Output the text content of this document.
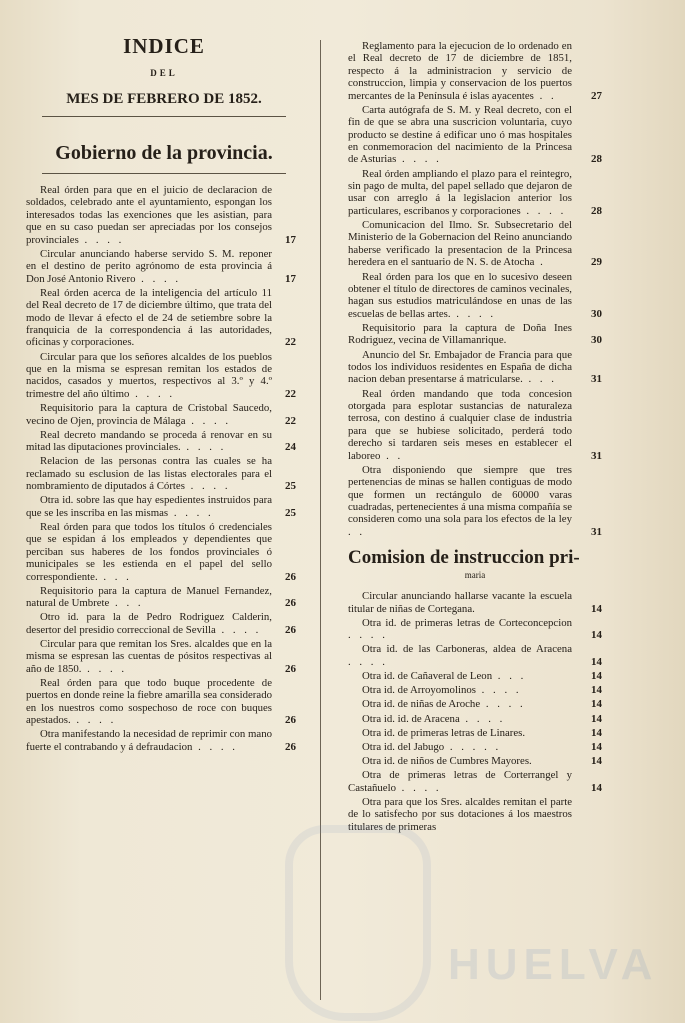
INDICE
DEL
MES DE FEBRERO DE 1852.
Gobierno de la provincia.
Real órden para que en el juicio de declaracion de soldados, celebrado ante el ayuntamiento, espongan los interesados todas las exenciones que les asistian, para que en su caso puedan ser apreciadas por los consejos provinciales . . . .	17
Circular anunciando haberse servido S. M. reponer en el destino de perito agrónomo de esta provincia á Don José Antonio Rivero . . . .	17
Real órden acerca de la inteligencia del artículo 11 del Real decreto de 17 de diciembre último, que trata del modo de llevar á efecto el de 24 de setiembre sobre la franquicia de la correspondencia á las autoridades, oficinas y corporaciones.	22
Circular para que los señores alcaldes de los pueblos que en la misma se espresan remitan los estados de nacidos, casados y muertos, respectivos al 3.º y 4.º trimestre del año último . . . .	22
Requisitorio para la captura de Cristobal Saucedo, vecino de Ojen, provincia de Málaga . . . .	22
Real decreto mandando se proceda á renovar en su mitad las diputaciones provinciales. . . . .	24
Relacion de las personas contra las cuales se ha reclamado su esclusion de las listas electorales para el nombramiento de diputados á Córtes . . . .	25
Otra id. sobre las que hay espedientes instruidos para que se les inscriba en las mismas . . . .	25
Real órden para que todos los títulos ó credenciales que se espidan á los empleados y dependientes que perciban sus haberes de los fondos provinciales ó municipales se les estienda en el papel del sello correspondiente. . . .	26
Requisitorio para la captura de Manuel Fernandez, natural de Umbrete . . .	26
Otro id. para la de Pedro Rodriguez Calderin, desertor del presidio correccional de Sevilla . . . . 26
Circular para que remitan los Sres. alcaldes que en la misma se espresan las cuentas de pósitos respectivas al año de 1850. . . . .	26
Real órden para que todo buque procedente de puertos en donde reine la fiebre amarilla sea considerado en los nuestros como sospechoso de roce con buques apestados. . . . .	26
Otra manifestando la necesidad de reprimir con mano fuerte el contrabando y á defraudacion . . . .	26
Reglamento para la ejecucion de lo ordenado en el Real decreto de 17 de diciembre de 1851, respecto á la administracion y servicio de construccion, limpia y conservacion de los puertos mercantes de la Península é islas ayacentes . .	27
Carta autógrafa de S. M. y Real decreto, con el fin de que se abra una suscricion voluntaria, cuyo producto se destine á edificar uno ó mas hospitales en conmemoracion del nacimiento de la Princesa de Asturias . . . .	28
Real órden ampliando el plazo para el reintegro, sin pago de multa, del papel sellado que dejaron de usar con arreglo á la legislacion anterior los particulares, escribanos y corporaciones . . . . 28
Comunicacion del Ilmo. Sr. Subsecretario del Ministerio de la Gobernacion del Reino anunciando haberse verificado la presentacion de la Princesa heredera en el santuario de N. S. de Atocha .	29
Real órden para los que en lo sucesivo deseen obtener el título de directores de caminos vecinales, hagan sus estudios matriculándose en unas de las escuelas de bellas artes. . . . .	30
Requisitorio para la captura de Doña Ines Rodriguez, vecina de Villamanrique.	30
Anuncio del Sr. Embajador de Francia para que todos los individuos residentes en España de dicha nacion deban presentarse á matricularse. . . .	31
Real órden mandando que toda concesion otorgada para esplotar sustancias de naturaleza terrosa, con destino á cualquier clase de industria para que se hubiese solicitado, perderá todo derecho si tardaren seis meses en establecer el laboreo . .	31
Otra disponiendo que siempre que tres pertenencias de minas se hallen contiguas de modo que formen un rectángulo de 60000 varas cuadradas, pertenecientes á una misma compañía se consideren como una sola para los efectos de la ley . .	31
Comision de instruccion pri-
maria
Circular anunciando hallarse vacante la escuela titular de niñas de Cortegana.	14
Otra id. de primeras letras de Corteconcepcion . . . .	14
Otra id. de las Carboneras, aldea de Aracena . . . .	14
Otra id. de Cañaveral de Leon . . .	14
Otra id. de Arroyomolinos . . . .	14
Otra id. de niñas de Aroche . . . .	14
Otra id. id. de Aracena . . . .	14
Otra id. de primeras letras de Linares.	14
Otra id. del Jabugo . . . . .	14
Otra id. de niños de Cumbres Mayores.	14
Otra de primeras letras de Corterrangel y Castañuelo . . . .	14
Otra para que los Sres. alcaldes remitan el parte de lo satisfecho por sus dotaciones á los maestros titulares de primeras
HUELVA
